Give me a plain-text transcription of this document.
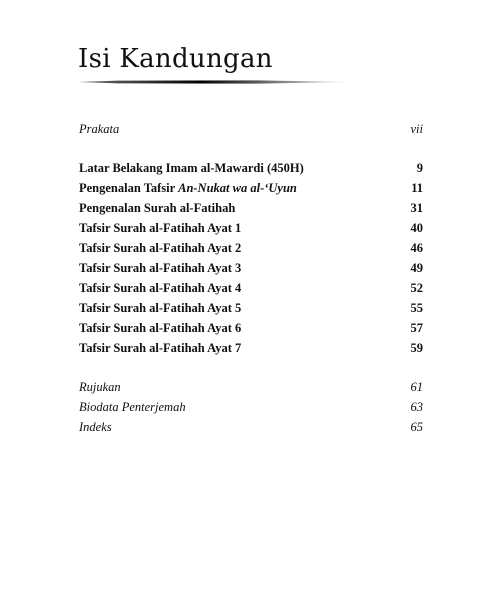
Isi Kandungan
Prakata	vii
Latar Belakang Imam al-Mawardi (450H)	9
Pengenalan Tafsir An-Nukat wa al-‘Uyun	11
Pengenalan Surah al-Fatihah	31
Tafsir Surah al-Fatihah Ayat 1	40
Tafsir Surah al-Fatihah Ayat 2	46
Tafsir Surah al-Fatihah Ayat 3	49
Tafsir Surah al-Fatihah Ayat 4	52
Tafsir Surah al-Fatihah Ayat 5	55
Tafsir Surah al-Fatihah Ayat 6	57
Tafsir Surah al-Fatihah Ayat 7	59
Rujukan	61
Biodata Penterjemah	63
Indeks	65
